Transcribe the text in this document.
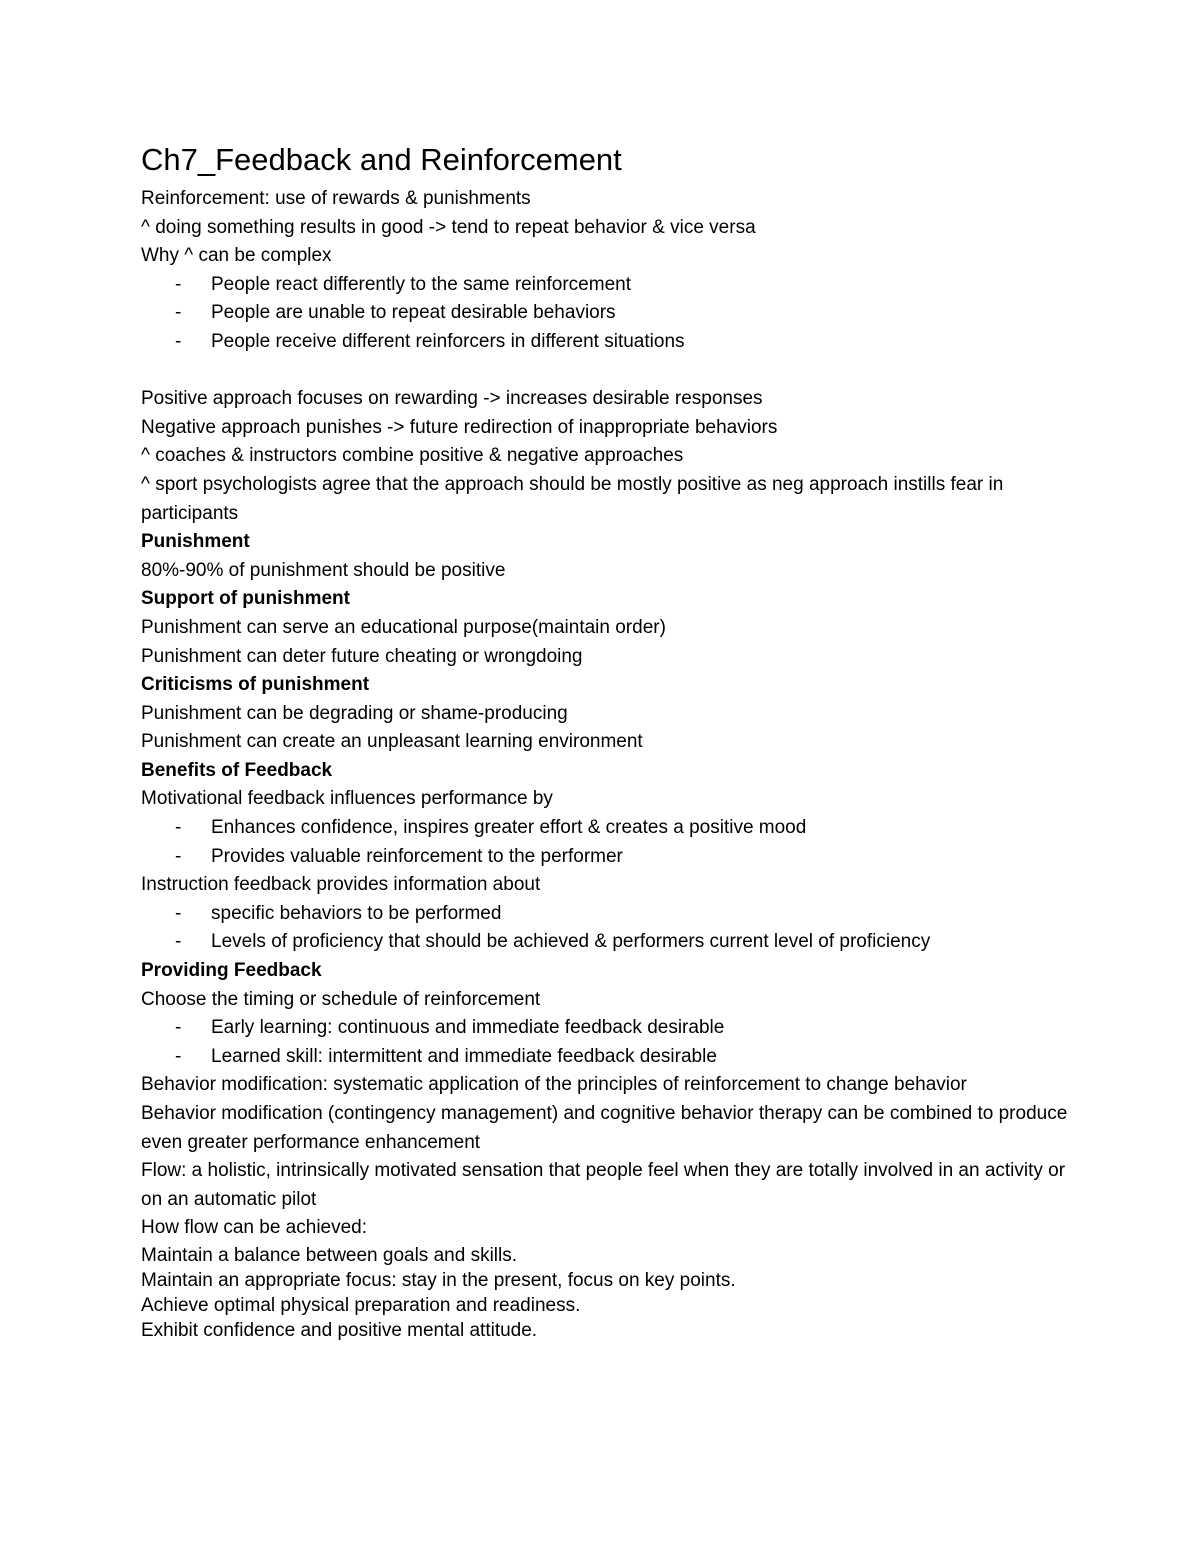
Ch7_Feedback and Reinforcement
Reinforcement: use of rewards & punishments
^ doing something results in good -> tend to repeat behavior & vice versa
Why ^ can be complex
-	People react differently to the same reinforcement
-	People are unable to repeat desirable behaviors
-	People receive different reinforcers in different situations
Positive approach focuses on rewarding -> increases desirable responses
Negative approach punishes -> future redirection of inappropriate behaviors
^ coaches & instructors combine positive & negative approaches
^ sport psychologists agree that the approach should be mostly positive as neg approach instills fear in participants
Punishment
80%-90% of punishment should be positive
Support of punishment
Punishment can serve an educational purpose(maintain order)
Punishment can deter future cheating or wrongdoing
Criticisms of punishment
Punishment can be degrading or shame-producing
Punishment can create an unpleasant learning environment
Benefits of Feedback
Motivational feedback influences performance by
-	Enhances confidence, inspires greater effort & creates a positive mood
-	Provides valuable reinforcement to the performer
Instruction feedback provides information about
-	specific behaviors to be performed
-	Levels of proficiency that should be achieved & performers current level of proficiency
Providing Feedback
Choose the timing or schedule of reinforcement
-	Early learning: continuous and immediate feedback desirable
-	Learned skill: intermittent and immediate feedback desirable
Behavior modification: systematic application of the principles of reinforcement to change behavior
Behavior modification (contingency management) and cognitive behavior therapy can be combined to produce even greater performance enhancement
Flow: a holistic, intrinsically motivated sensation that people feel when they are totally involved in an activity or on an automatic pilot
How flow can be achieved:
Maintain a balance between goals and skills.
Maintain an appropriate focus: stay in the present, focus on key points.
Achieve optimal physical preparation and readiness.
Exhibit confidence and positive mental attitude.
